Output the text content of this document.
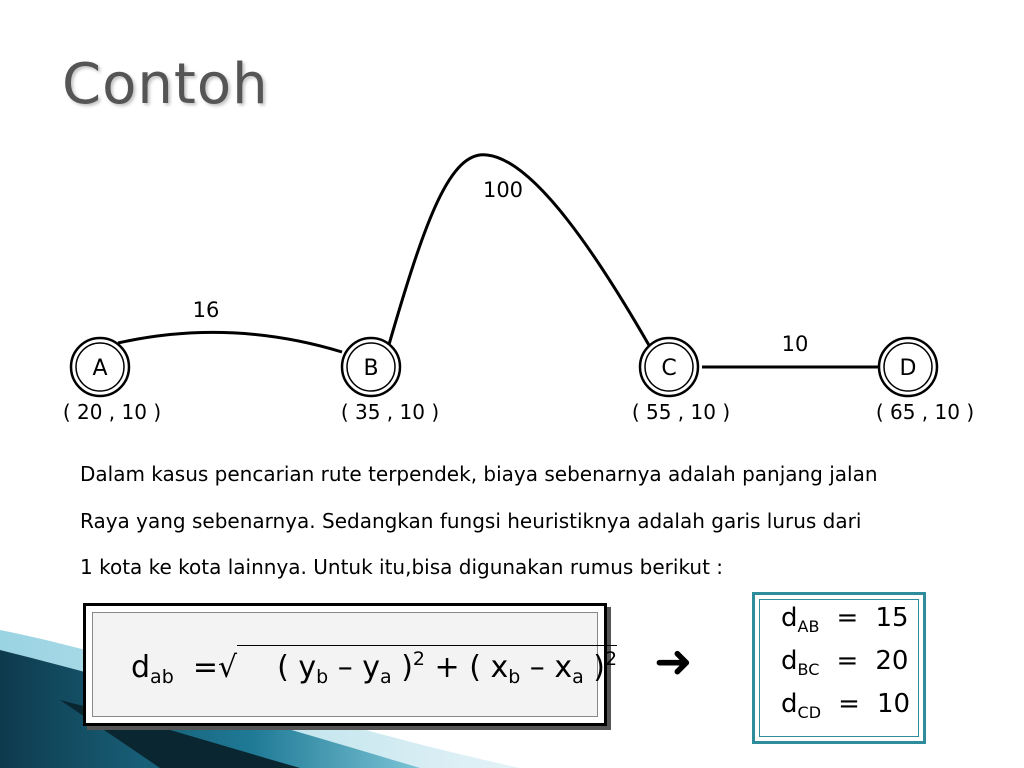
Contoh
16
100
10
A	B	C	D
( 20 , 10 )	( 35 , 10 )	( 55 , 10 )	( 65 , 10 )
Dalam kasus pencarian rute terpendek, biaya sebenarnya adalah panjang jalan
Raya yang sebenarnya. Sedangkan fungsi heuristiknya adalah garis lurus dari
1 kota ke kota lainnya. Untuk itu,bisa digunakan rumus berikut :
$d_{ab}$ =√ ( $y_b - y_a$ )$^2$ + ( $x_b - x_a$ )$^2$ ➜
$d_{AB} = 15$
$d_{BC} = 20$
$d_{CD} = 10$
